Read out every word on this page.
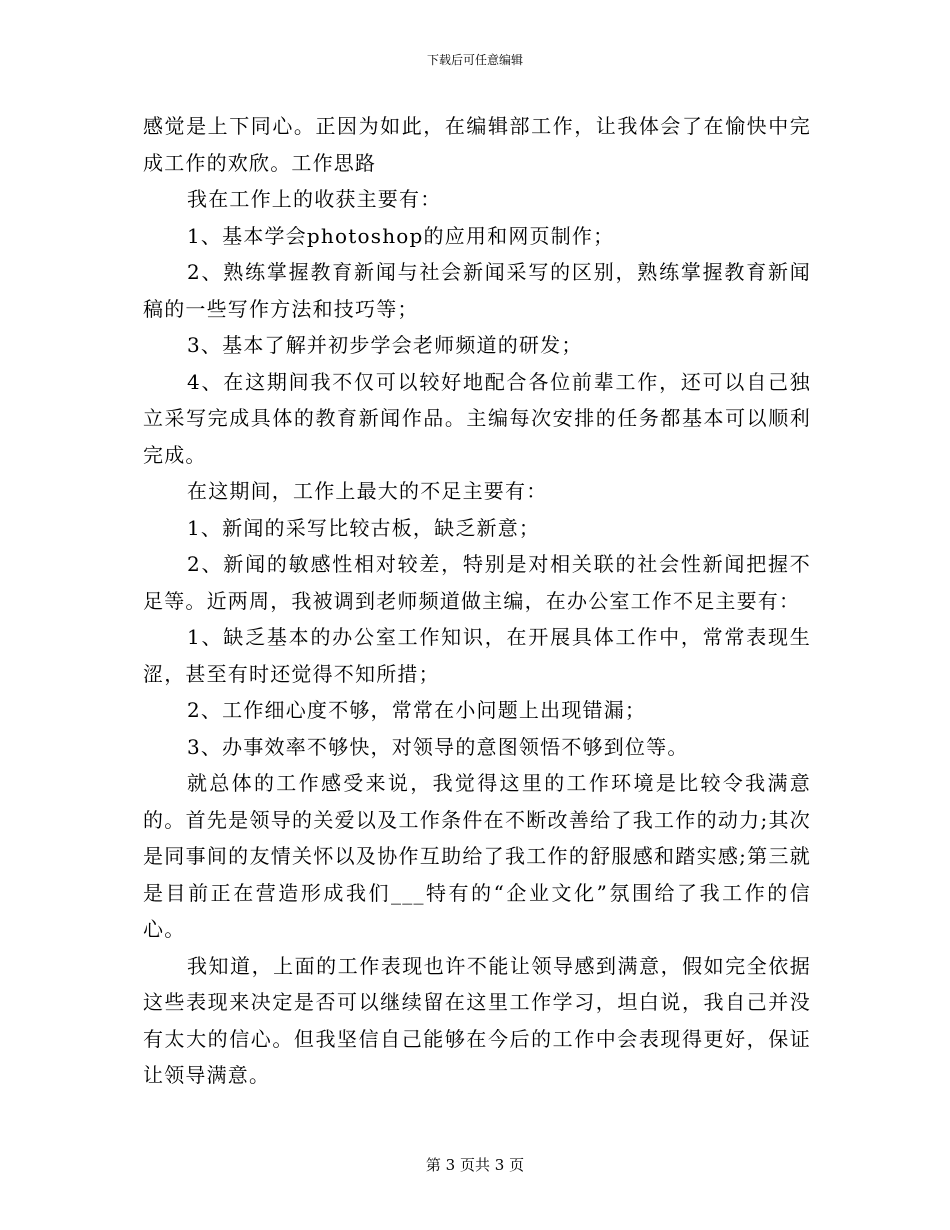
下载后可任意编辑

感觉是上下同心。正因为如此，在编辑部工作，让我体会了在愉快中完成工作的欢欣。工作思路

我在工作上的收获主要有：

1、基本学会photoshop的应用和网页制作；

2、熟练掌握教育新闻与社会新闻采写的区别，熟练掌握教育新闻稿的一些写作方法和技巧等；

3、基本了解并初步学会老师频道的研发；

4、在这期间我不仅可以较好地配合各位前辈工作，还可以自己独立采写完成具体的教育新闻作品。主编每次安排的任务都基本可以顺利完成。

在这期间，工作上最大的不足主要有：

1、新闻的采写比较古板，缺乏新意；

2、新闻的敏感性相对较差，特别是对相关联的社会性新闻把握不足等。近两周，我被调到老师频道做主编，在办公室工作不足主要有：

1、缺乏基本的办公室工作知识，在开展具体工作中，常常表现生涩，甚至有时还觉得不知所措；

2、工作细心度不够，常常在小问题上出现错漏；

3、办事效率不够快，对领导的意图领悟不够到位等。

就总体的工作感受来说，我觉得这里的工作环境是比较令我满意的。首先是领导的关爱以及工作条件在不断改善给了我工作的动力;其次是同事间的友情关怀以及协作互助给了我工作的舒服感和踏实感;第三就是目前正在营造形成我们___特有的“企业文化”氛围给了我工作的信心。

我知道，上面的工作表现也许不能让领导感到满意，假如完全依据这些表现来决定是否可以继续留在这里工作学习，坦白说，我自己并没有太大的信心。但我坚信自己能够在今后的工作中会表现得更好，保证让领导满意。

第 3 页共 3 页
